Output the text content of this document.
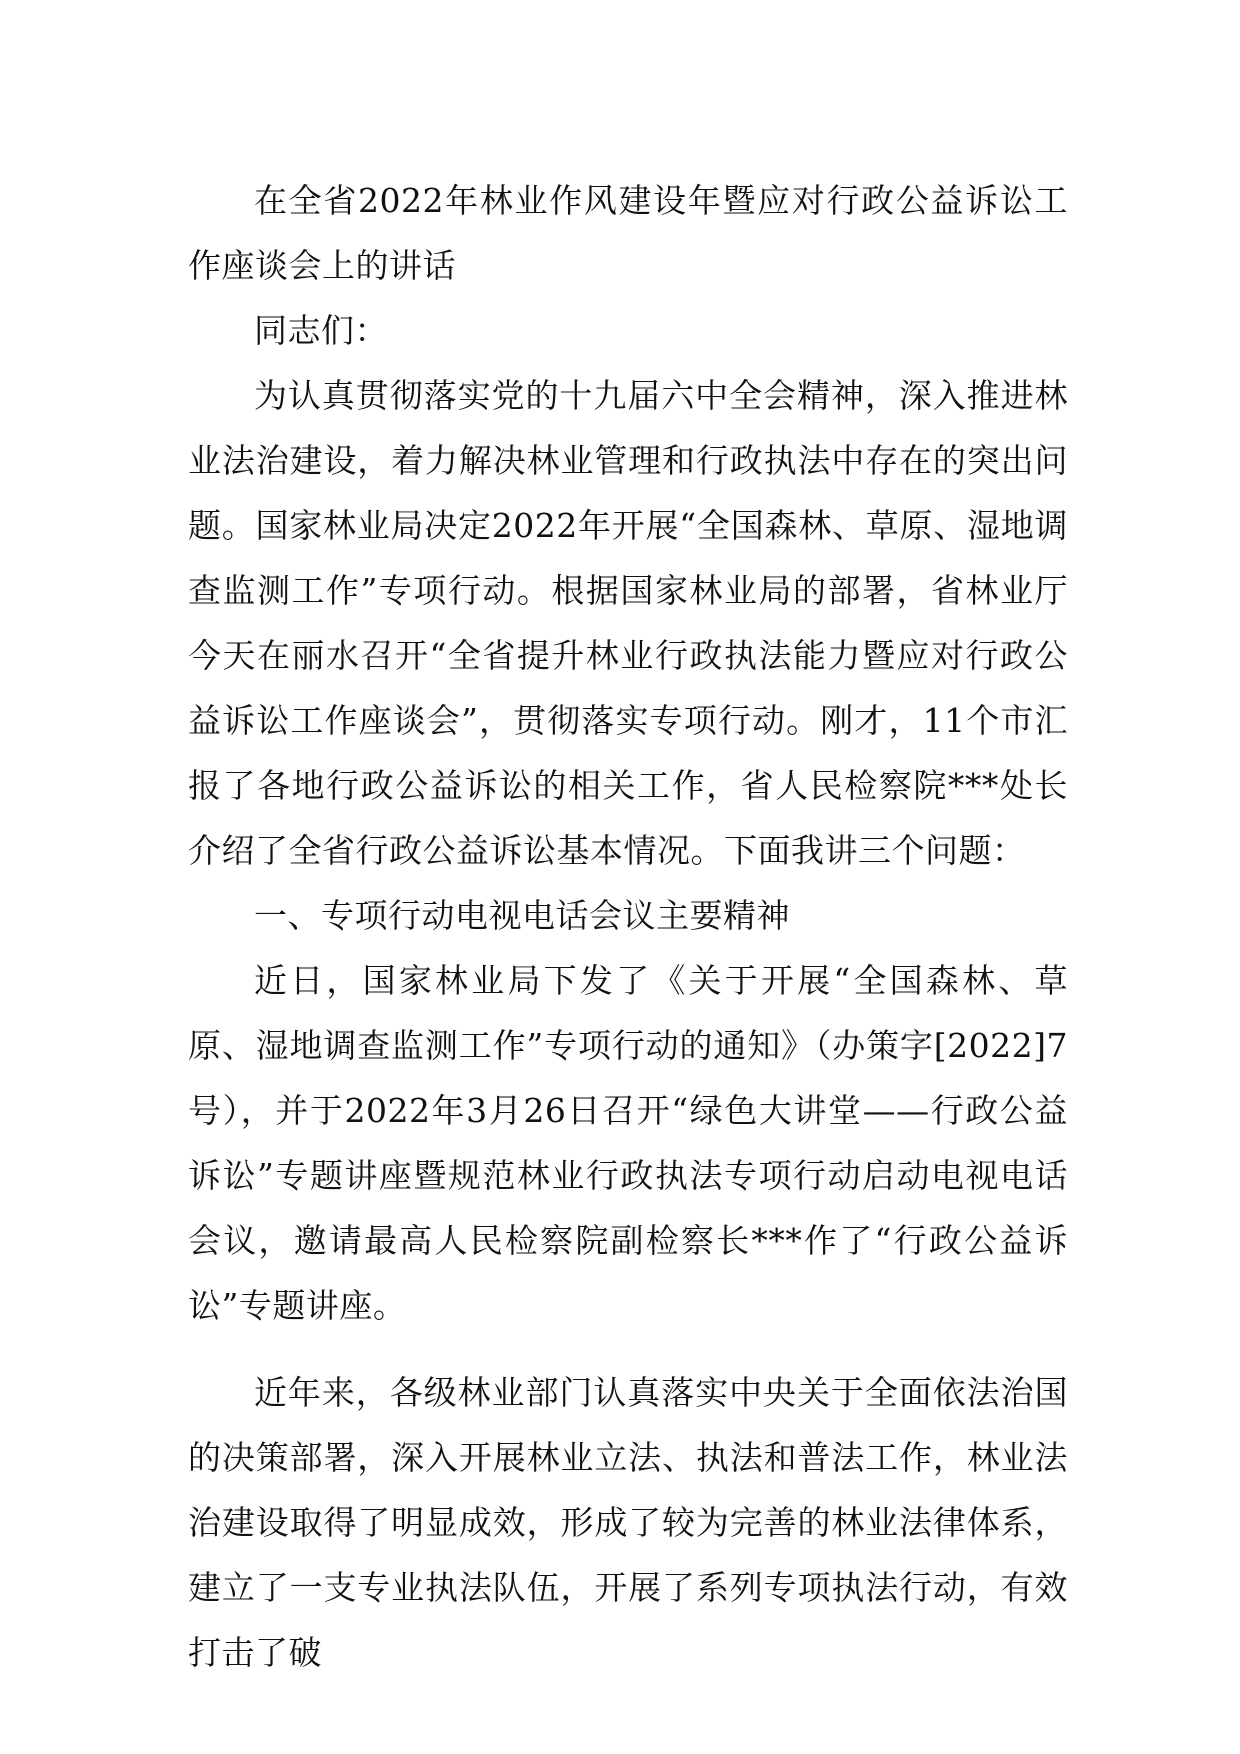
在全省2022年林业作风建设年暨应对行政公益诉讼工作座谈会上的讲话

同志们：

为认真贯彻落实党的十九届六中全会精神，深入推进林业法治建设，着力解决林业管理和行政执法中存在的突出问题。国家林业局决定2022年开展“全国森林、草原、湿地调查监测工作”专项行动。根据国家林业局的部署，省林业厅今天在丽水召开“全省提升林业行政执法能力暨应对行政公益诉讼工作座谈会”，贯彻落实专项行动。刚才，11个市汇报了各地行政公益诉讼的相关工作，省人民检察院***处长介绍了全省行政公益诉讼基本情况。下面我讲三个问题：

一、专项行动电视电话会议主要精神

近日，国家林业局下发了《关于开展“全国森林、草原、湿地调查监测工作”专项行动的通知》（办策字[2022]7号），并于2022年3月26日召开“绿色大讲堂——行政公益诉讼”专题讲座暨规范林业行政执法专项行动启动电视电话会议，邀请最高人民检察院副检察长***作了“行政公益诉讼”专题讲座。

近年来，各级林业部门认真落实中央关于全面依法治国的决策部署，深入开展林业立法、执法和普法工作，林业法治建设取得了明显成效，形成了较为完善的林业法律体系，建立了一支专业执法队伍，开展了系列专项执法行动，有效打击了破
